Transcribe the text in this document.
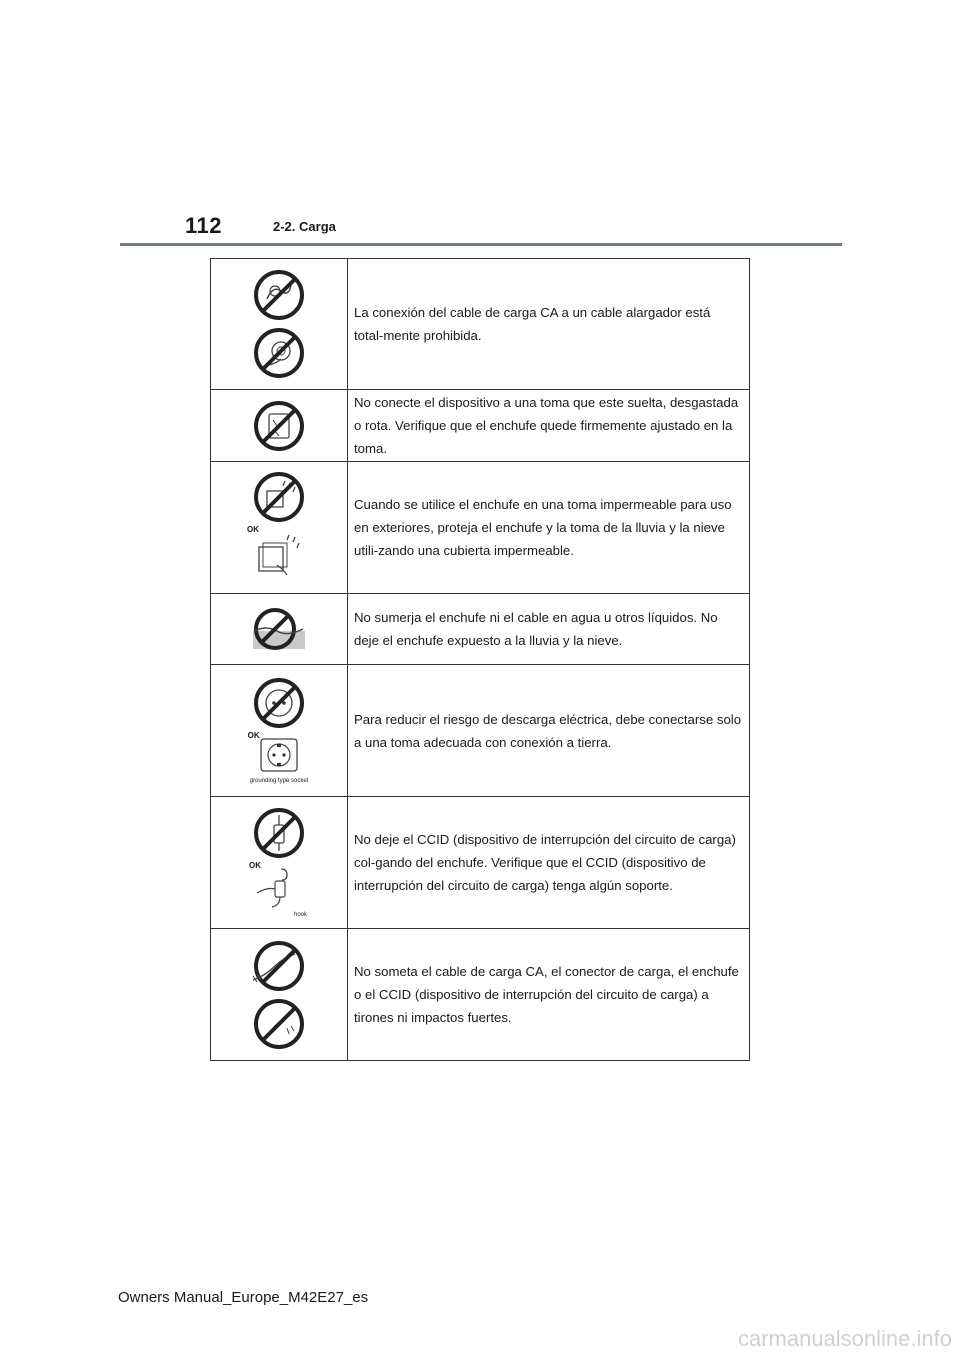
112	2-2. Carga
	La conexión del cable de carga CA a un cable alargador está total-mente prohibida.

	No conecte el dispositivo a una toma que este suelta, desgastada o rota. Verifique que el enchufe quede firmemente ajustado en la toma.

OK	Cuando se utilice el enchufe en una toma impermeable para uso en exteriores, proteja el enchufe y la toma de la lluvia y la nieve utili-zando una cubierta impermeable.

	No sumerja el enchufe ni el cable en agua u otros líquidos. No deje el enchufe expuesto a la lluvia y la nieve.

OK
grounding type socket	Para reducir el riesgo de descarga eléctrica, debe conectarse solo a una toma adecuada con conexión a tierra.

OK
hook	No deje el CCID (dispositivo de interrupción del circuito de carga) col-gando del enchufe. Verifique que el CCID (dispositivo de interrupción del circuito de carga) tenga algún soporte.

	No someta el cable de carga CA, el conector de carga, el enchufe o el CCID (dispositivo de interrupción del circuito de carga) a tirones ni impactos fuertes.
Owners Manual_Europe_M42E27_es
carmanualsonline.info
